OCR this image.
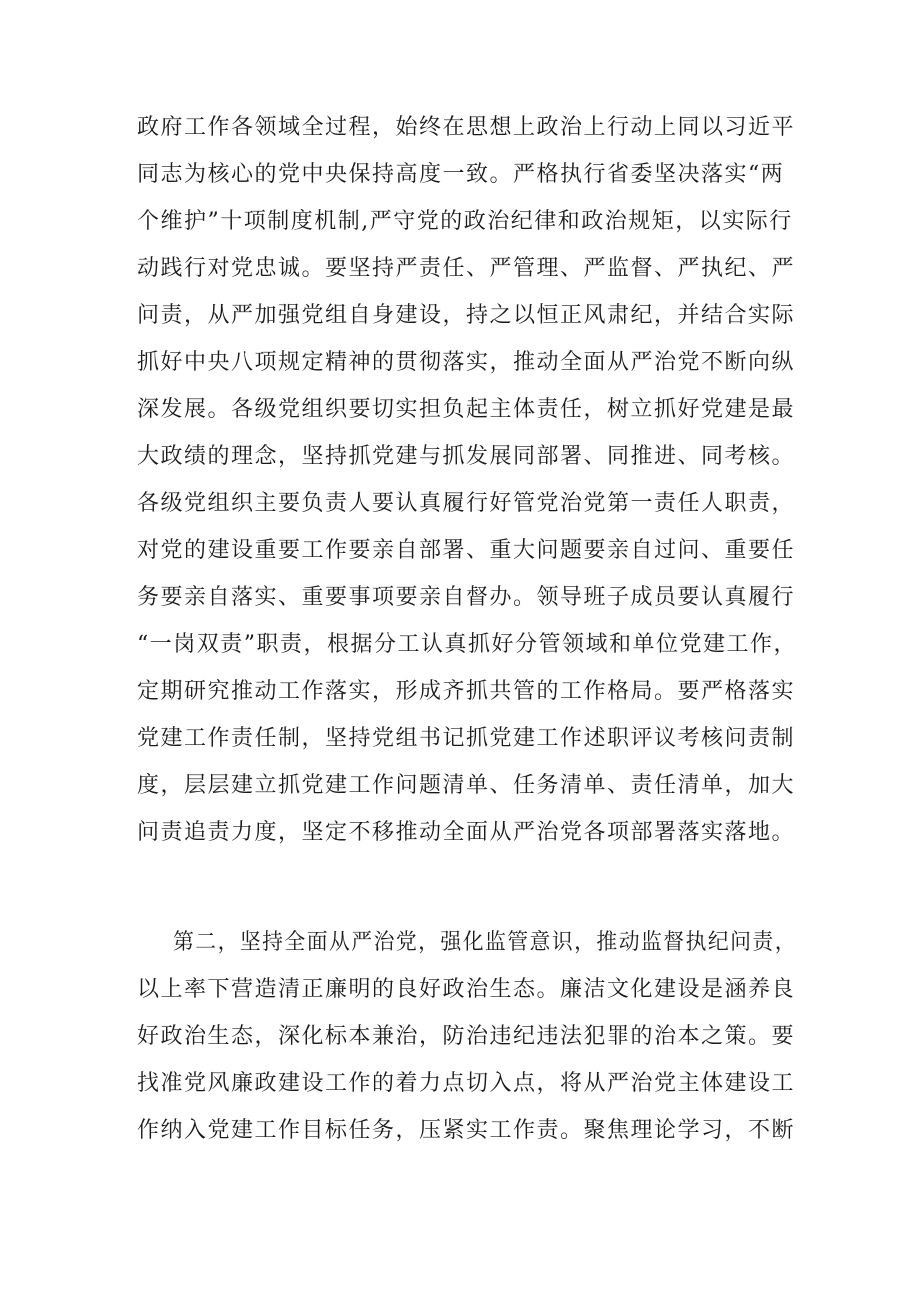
政府工作各领域全过程，始终在思想上政治上行动上同以习近平
同志为核心的党中央保持高度一致。严格执行省委坚决落实“两
个维护”十项制度机制,严守党的政治纪律和政治规矩，以实际行
动践行对党忠诚。要坚持严责任、严管理、严监督、严执纪、严
问责，从严加强党组自身建设，持之以恒正风肃纪，并结合实际
抓好中央八项规定精神的贯彻落实，推动全面从严治党不断向纵
深发展。各级党组织要切实担负起主体责任，树立抓好党建是最
大政绩的理念，坚持抓党建与抓发展同部署、同推进、同考核。
各级党组织主要负责人要认真履行好管党治党第一责任人职责，
对党的建设重要工作要亲自部署、重大问题要亲自过问、重要任
务要亲自落实、重要事项要亲自督办。领导班子成员要认真履行
“一岗双责”职责，根据分工认真抓好分管领域和单位党建工作，
定期研究推动工作落实，形成齐抓共管的工作格局。要严格落实
党建工作责任制，坚持党组书记抓党建工作述职评议考核问责制
度，层层建立抓党建工作问题清单、任务清单、责任清单，加大
问责追责力度，坚定不移推动全面从严治党各项部署落实落地。
第二，坚持全面从严治党，强化监管意识，推动监督执纪问责，
以上率下营造清正廉明的良好政治生态。廉洁文化建设是涵养良
好政治生态，深化标本兼治，防治违纪违法犯罪的治本之策。要
找准党风廉政建设工作的着力点切入点，将从严治党主体建设工
作纳入党建工作目标任务，压紧实工作责。聚焦理论学习，不断
